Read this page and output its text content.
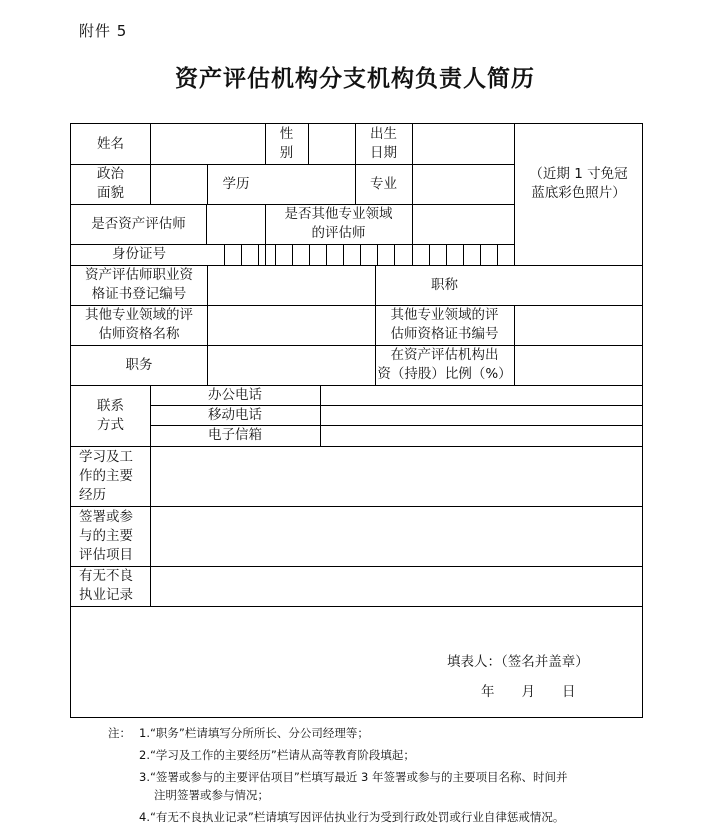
附件 5
资产评估机构分支机构负责人简历
姓名
性
别
出生
日期
（近期 1 寸免冠
蓝底彩色照片）
政治
面貌
学历	专业
是否资产评估师
是否其他专业领域
的评估师
身份证号
资产评估师职业资
格证书登记编号
职称
其他专业领域的评
估师资格名称
其他专业领域的评
估师资格证书编号
职务
在资产评估机构出
资（持股）比例（%）
联系
方式
办公电话
移动电话
电子信箱
学习及工
作的主要
经历
签署或参
与的主要
评估项目
有无不良
执业记录
填表人：（签名并盖章）
年　　月　　日
注： 1.“职务”栏请填写分所所长、分公司经理等；
2.“学习及工作的主要经历”栏请从高等教育阶段填起；
3.“签署或参与的主要评估项目”栏填写最近 3 年签署或参与的主要项目名称、时间并
注明签署或参与情况；
4.“有无不良执业记录”栏请填写因评估执业行为受到行政处罚或行业自律惩戒情况。
